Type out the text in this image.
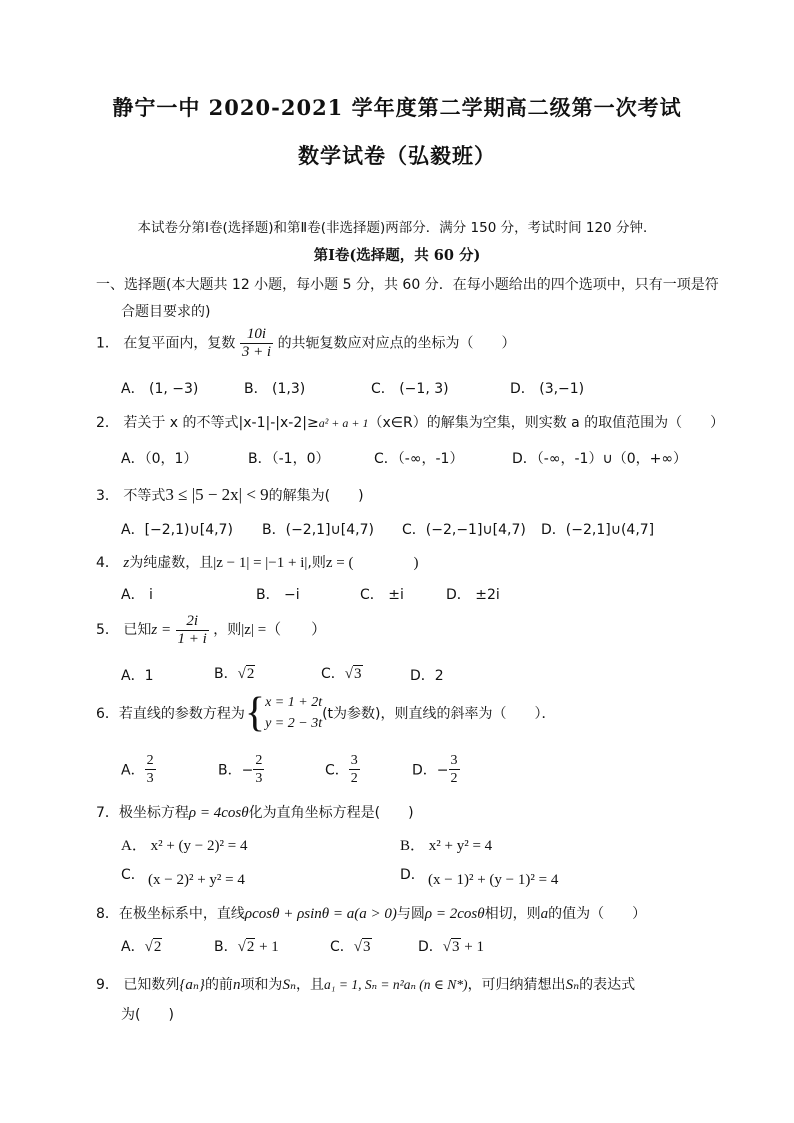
静宁一中 2020-2021 学年度第二学期高二级第一次考试
数学试卷（弘毅班）
本试卷分第Ⅰ卷(选择题)和第Ⅱ卷(非选择题)两部分．满分 150 分，考试时间 120 分钟．
第Ⅰ卷(选择题，共 60 分)
一、选择题(本大题共 12 小题，每小题 5 分，共 60 分．在每小题给出的四个选项中，只有一项是符
合题目要求的)
1． 在复平面内，复数 $\frac{10i}{3 + i}$ 的共轭复数应对应点的坐标为（　　）
A． (1, −3)	B． (1,3)	C． (−1, 3)	D． (3,−1)
2． 若关于 x 的不等式|x-1|-|x-2|≥a² + a + 1（x∈R）的解集为空集，则实数 a 的取值范围为（　　）
A．（0，1）	B．（-1，0）	C．（-∞，-1）	D．（-∞，-1）∪（0，+∞）
3． 不等式3 ≤ |5 − 2x| < 9的解集为(　　)
A．[−2,1)∪[4,7) B．(−2,1]∪[4,7) C．(−2,−1]∪[4,7) D．(−2,1]∪(4,7]
4． z为纯虚数，且|z − 1| = |−1 + i|,则z = (　　　　)
A． i	B． −i	C． ±i	D． ±2i
5． 已知$z = \frac{2i}{1 + i}$ ，则|z| =（　　）
A．1	B．√2	C．√3	D．2
6．若直线的参数方程为{ x = 1 + 2t
y = 2 − 3t
(t为参数)，则直线的斜率为（　　）．
A． $\frac{2}{3}$	B．− $\frac{2}{3}$	C． $\frac{3}{2}$	D．− $\frac{3}{2}$
7．极坐标方程ρ = 4cosθ化为直角坐标方程是(　　)
A． x² + (y − 2)² = 4	B． x² + y² = 4
C． (x − 2)² + y² = 4	D． (x − 1)² + (y − 1)² = 4
8．在极坐标系中，直线ρcosθ + ρsinθ = a(a > 0)与圆ρ = 2cosθ相切，则a的值为（　　）
A．√2	B．√2 + 1	C．√3	D．√3 + 1
9． 已知数列{aₙ}的前n项和为Sₙ，且a₁ = 1, Sₙ = n²aₙ (n ∈ N*)，可归纳猜想出Sₙ的表达式
为(　　)
